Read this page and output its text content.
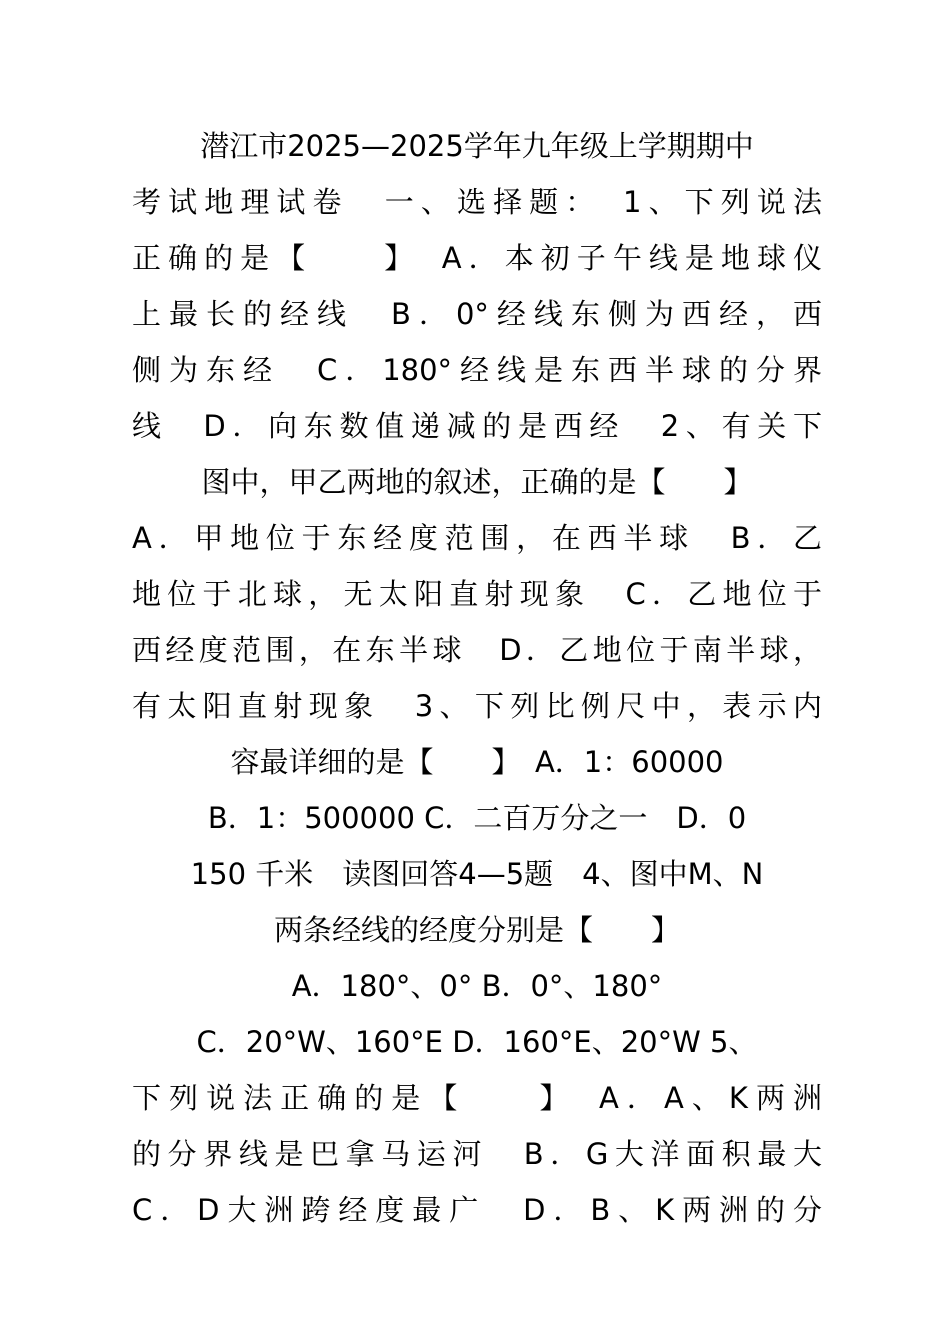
潜江市2025—2025学年九年级上学期期中
考试地理试卷　一、选择题：　1、下列说法
正确的是【　　】　A．本初子午线是地球仪
上最长的经线　B．0°经线东侧为西经，西
侧为东经　C．180°经线是东西半球的分界
线　D．向东数值递减的是西经　2、有关下
图中，甲乙两地的叙述，正确的是【　　】
A．甲地位于东经度范围，在西半球　B．乙
地位于北球，无太阳直射现象　C．乙地位于
西经度范围，在东半球　D．乙地位于南半球，
有太阳直射现象　3、下列比例尺中，表示内
容最详细的是【　　】　A．1：60000
B．1：500000 C．二百万分之一　D．0
150 千米　读图回答4—5题　4、图中M、N
两条经线的经度分别是【　　】
A．180°、0° B．0°、180°
C．20°W、160°E D．160°E、20°W 5、
下列说法正确的是【　　】　A．A、K两洲
的分界线是巴拿马运河　B．G大洋面积最大
C．D大洲跨经度最广　D．B、K两洲的分
